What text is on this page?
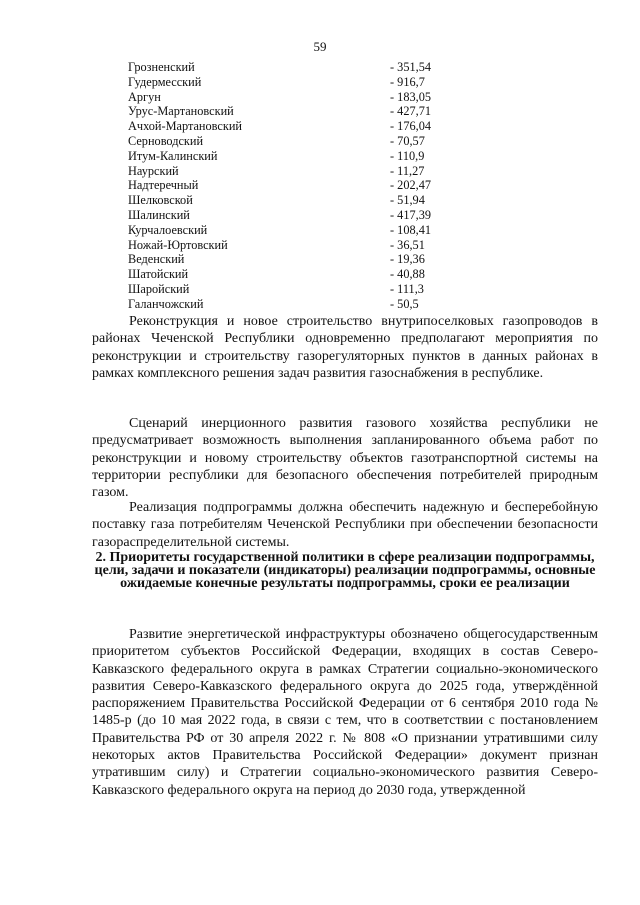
59
Грозненский	- 351,54
Гудермесский	- 916,7
Аргун	- 183,05
Урус-Мартановский	- 427,71
Ачхой-Мартановский	- 176,04
Серноводский	- 70,57
Итум-Калинский	- 110,9
Наурский	- 11,27
Надтеречный	- 202,47
Шелковской	- 51,94
Шалинский	- 417,39
Курчалоевский	- 108,41
Ножай-Юртовский	- 36,51
Веденский	- 19,36
Шатойский	- 40,88
Шаройский	- 111,3
Галанчожский	- 50,5

Реконструкция и новое строительство внутрипоселковых газопроводов в районах Чеченской Республики одновременно предполагают мероприятия по реконструкции и строительству газорегуляторных пунктов в данных районах в рамках комплексного решения задач развития газоснабжения в республике.

Сценарий инерционного развития газового хозяйства республики не предусматривает возможность выполнения запланированного объема работ по реконструкции и новому строительству объектов газотранспортной системы на территории республики для безопасного обеспечения потребителей природным газом.

Реализация подпрограммы должна обеспечить надежную и бесперебойную поставку газа потребителям Чеченской Республики при обеспечении безопасности газораспределительной системы.

2. Приоритеты государственной политики в сфере реализации подпрограммы, цели, задачи и показатели (индикаторы) реализации подпрограммы, основные ожидаемые конечные результаты подпрограммы, сроки ее реализации

Развитие энергетической инфраструктуры обозначено общегосударственным приоритетом субъектов Российской Федерации, входящих в состав Северо-Кавказского федерального округа в рамках Стратегии социально-экономического развития Северо-Кавказского федерального округа до 2025 года, утверждённой распоряжением Правительства Российской Федерации от 6 сентября 2010 года № 1485-р (до 10 мая 2022 года, в связи с тем, что в соответствии с постановлением Правительства РФ от 30 апреля 2022 г. № 808 «О признании утратившими силу некоторых актов Правительства Российской Федерации» документ признан утратившим силу) и Стратегии социально-экономического развития Северо-Кавказского федерального округа на период до 2030 года, утвержденной
